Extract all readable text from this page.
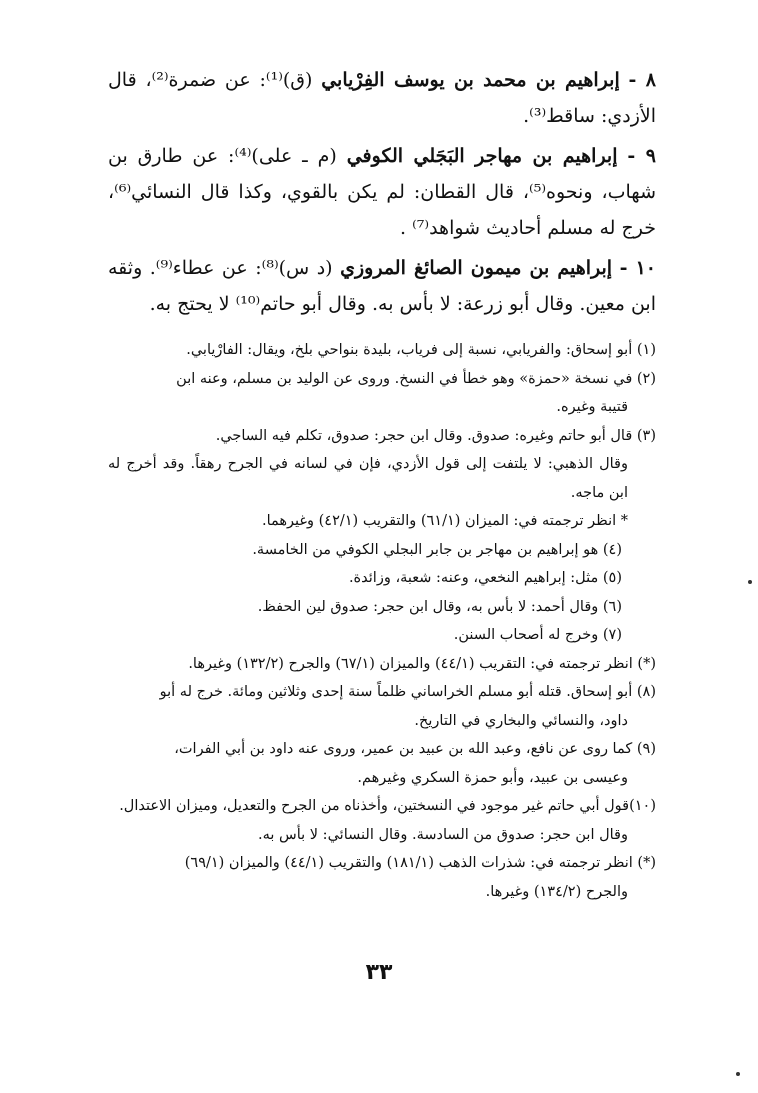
٨ - إبراهيم بن محمد بن يوسف الفِرْيابي (ق)⁽¹⁾: عن ضمرة⁽²⁾، قال الأزدي: ساقط⁽³⁾.

٩ - إبراهيم بن مهاجر البَجَلي الكوفي (م ـ على)⁽⁴⁾: عن طارق بن شهاب، ونحوه⁽⁵⁾، قال القطان: لم يكن بالقوي، وكذا قال النسائي⁽⁶⁾، خرج له مسلم أحاديث شواهد⁽⁷⁾ .

١٠ - إبراهيم بن ميمون الصائغ المروزي (د س)⁽⁸⁾: عن عطاء⁽⁹⁾. وثقه ابن معين. وقال أبو زرعة: لا بأس به. وقال أبو حاتم⁽¹⁰⁾ لا يحتج به.

(١) أبو إسحاق: والفريابي، نسبة إلى فرياب، بليدة بنواحي بلخ، ويقال: الفارْيابي.

(٢) في نسخة «حمزة» وهو خطأ في النسخ. وروى عن الوليد بن مسلم، وعنه ابن
قتيبة وغيره.

(٣) قال أبو حاتم وغيره: صدوق. وقال ابن حجر: صدوق، تكلم فيه الساجي.
وقال الذهبي: لا يلتفت إلى قول الأزدي، فإن في لسانه في الجرح رهقاً. وقد أخرج له ابن ماجه.

* انظر ترجمته في: الميزان (٦١/١) والتقريب (٤٢/١) وغيرهما.

(٤) هو إبراهيم بن مهاجر بن جابر البجلي الكوفي من الخامسة.

(٥) مثل: إبراهيم النخعي، وعنه: شعبة، وزائدة.

(٦) وقال أحمد: لا بأس به، وقال ابن حجر: صدوق لين الحفظ.

(٧) وخرج له أصحاب السنن.

(*) انظر ترجمته في: التقريب (٤٤/١) والميزان (٦٧/١) والجرح (١٣٢/٢) وغيرها.

(٨) أبو إسحاق. قتله أبو مسلم الخراساني ظلماً سنة إحدى وثلاثين ومائة. خرج له أبو
داود، والنسائي والبخاري في التاريخ.

(٩) كما روى عن نافع، وعبد الله بن عبيد بن عمير، وروى عنه داود بن أبي الفرات،
وعيسى بن عبيد، وأبو حمزة السكري وغيرهم.

(١٠)قول أبي حاتم غير موجود في النسختين، وأخذناه من الجرح والتعديل، وميزان الاعتدال.
وقال ابن حجر: صدوق من السادسة. وقال النسائي: لا بأس به.

(*) انظر ترجمته في: شذرات الذهب (١٨١/١) والتقريب (٤٤/١) والميزان (٦٩/١)
والجرح (١٣٤/٢) وغيرها.

٣٣
